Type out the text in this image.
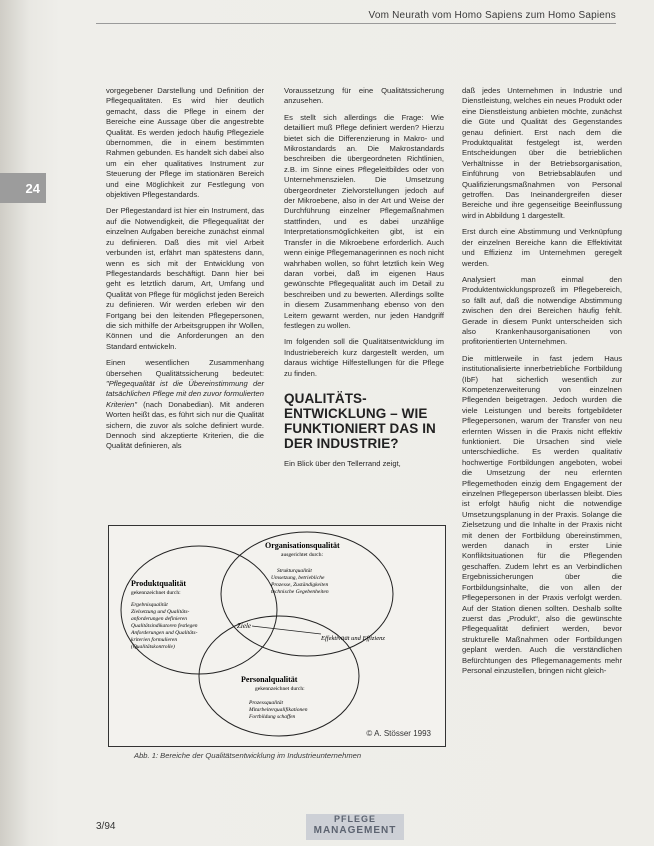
Vom Neurath vom Homo Sapiens zum Homo Sapiens
24

vorgegebener Darstellung und Definition der Pflegequalitäten. Es wird hier deutlich gemacht, dass die Pflege in einem der Bereiche eine Aussage über die angestrebte Qualität. Es werden jedoch häufig Pflegeziele übernommen, die in einem bestimmten Rahmen gebunden. Es handelt sich dabei also um ein eher qualitatives Instrument zur Steuerung der Pflege im stationären Bereich und eine Möglichkeit zur Festlegung von objektiven Pflegestandards.

Der Pflegestandard ist hier ein Instrument, das auf die Notwendigkeit, die Pflegequalität der einzelnen Aufgaben bereiche zunächst einmal zu definieren. Daß dies mit viel Arbeit verbunden ist, erfährt man spätestens dann, wenn es sich mit der Entwicklung von Pflegestandards beschäftigt. Dann hier bei geht es letztlich darum, Art, Umfang und Qualität von Pflege für möglichst jeden Bereich zu definieren. Wir werden erleben wir den Fortgang bei den leitenden Pflegepersonen, die sich mithilfe der Arbeitsgruppen ihr Wollen, Können und die Anforderungen an den Standard entwickeln.

Einen wesentlichen Zusammenhang übersehen Qualitätssicherung bedeutet: "Pflegequalität ist die Übereinstimmung der tatsächlichen Pflege mit den zuvor formulierten Kriterien" (nach Donabedian). Mit anderen Worten heißt das, es führt sich nur die Qualität sichern, die zuvor als solche definiert wurde. Dennoch sind akzeptierte Kriterien, die die Qualität definieren, als

Voraussetzung für eine Qualitätssicherung anzusehen.

Es stellt sich allerdings die Frage: Wie detailliert muß Pflege definiert werden? Hierzu bietet sich die Differenzierung in Makro- und Mikrostandards an. Die Makrostandards beschreiben die übergeordneten Richtlinien, z.B. im Sinne eines Pflegeleitbildes oder von Unternehmenszielen. Die Umsetzung übergeordneter Zielvorstellungen jedoch auf der Mikroebene, also in der Art und Weise der Durchführung einzelner Pflegemaßnahmen stattfinden, und es dabei unzählige Interpretationsmöglichkeiten gibt, ist ein Transfer in die Mikroebene erforderlich. Auch wenn einige Pflegemanagerinnen es noch nicht wahrhaben wollen, so führt letztlich kein Weg daran vorbei, daß im eigenen Haus gewünschte Pflegequalität auch im Detail zu beschreiben und zu bewerten. Allerdings sollte in diesem Zusammenhang ebenso von den Leitern gewarnt werden, nur jeden Handgriff festlegen zu wollen.

Im folgenden soll die Qualitätsentwicklung im Industriebereich kurz dargestellt werden, um daraus wichtige Hilfestellungen für die Pflege zu finden.

QUALITÄTS-ENTWICKLUNG – WIE FUNKTIONIERT DAS IN DER INDUSTRIE?

Ein Blick über den Tellerrand zeigt,

daß jedes Unternehmen in Industrie und Dienstleistung, welches ein neues Produkt oder eine Dienstleistung anbieten möchte, zunächst die Güte und Qualität des Gegenstandes genau definiert. Erst nach dem die Produktqualität festgelegt ist, werden Entscheidungen über die betrieblichen Verhältnisse in der Betriebsorganisation, Einführung von Betriebsabläufen und Qualifizierungsmaßnahmen von Personal getroffen. Das Ineinandergreifen dieser Bereiche und ihre gegenseitige Beeinflussung wird in Abbildung 1 dargestellt.

Erst durch eine Abstimmung und Verknüpfung der einzelnen Bereiche kann die Effektivität und Effizienz im Unternehmen geregelt werden.

Analysiert man einmal den Produktentwicklungsprozeß im Pflegebereich, so fällt auf, daß die notwendige Abstimmung zwischen den drei Bereichen häufig fehlt. Gerade in diesem Punkt unterscheiden sich also Krankenhausorganisationen von profitorientierten Unternehmen.

Die mittlerweile in fast jedem Haus institutionalisierte innerbetriebliche Fortbildung (IbF) hat sicherlich wesentlich zur Kompetenzerweiterung von einzelnen Pflegenden beigetragen. Jedoch wurden die viele Leistungen und bereits fortgebildeter Pflegepersonen, warum der Transfer von neu erlernten Wissen in die Praxis nicht effektiv funktioniert. Die Ursachen sind viele unterschiedliche. Es werden qualitativ hochwertige Fortbildungen angeboten, wobei die Umsetzung der neu erlernten Pflegemethoden einzig dem Engagement der einzelnen Pflegeperson überlassen bleibt. Dies ist erfolgt häufig nicht die notwendige Umsetzungsplanung in der Praxis. Solange die Zielsetzung und die Inhalte in der Praxis nicht mit denen der Fortbildung übereinstimmen, werden danach in erster Linie Konfliktsituationen für die Pflegenden geschaffen. Zudem lehrt es an Verbindlichen Ergebnissicherungen über die Fortbildungsinhalte, die von allen der Pflegepersonen in der Praxis verfolgt werden. Auf der Station dienen sollten. Deshalb sollte zuerst das „Produkt“, also die gewünschte Pflegequalität definiert werden, bevor strukturelle Maßnahmen oder Fortbildungen geplant werden. Auch die verständlichen Befürchtungen des Pflegemanagements mehr Personal einzustellen, bringen nicht gleich-

Ziele
Effektivität und Effizienz
Produktqualität
gekennzeichnet durch:
Ergebnisqualität
Zielsetzung und Qualitäts-
anforderungen definieren
Qualitätsindikatoren festlegen
Anforderungen und Qualitäts-
kriterien formulieren
(Qualitätskontrolle)
Organisationsqualität
ausgerichtet durch:
Strukturqualität
Umsetzung, betriebliche
Prozesse, Zuständigkeiten
technische Gegebenheiten
Personalqualität
gekennzeichnet durch:
Prozessqualität
Mitarbeiterqualifikationen
Fortbildung schaffen
© A. Stösser 1993
Abb. 1: Bereiche der Qualitätsentwicklung im Industrieunternehmen
3/94
PFLEGE
MANAGEMENT
